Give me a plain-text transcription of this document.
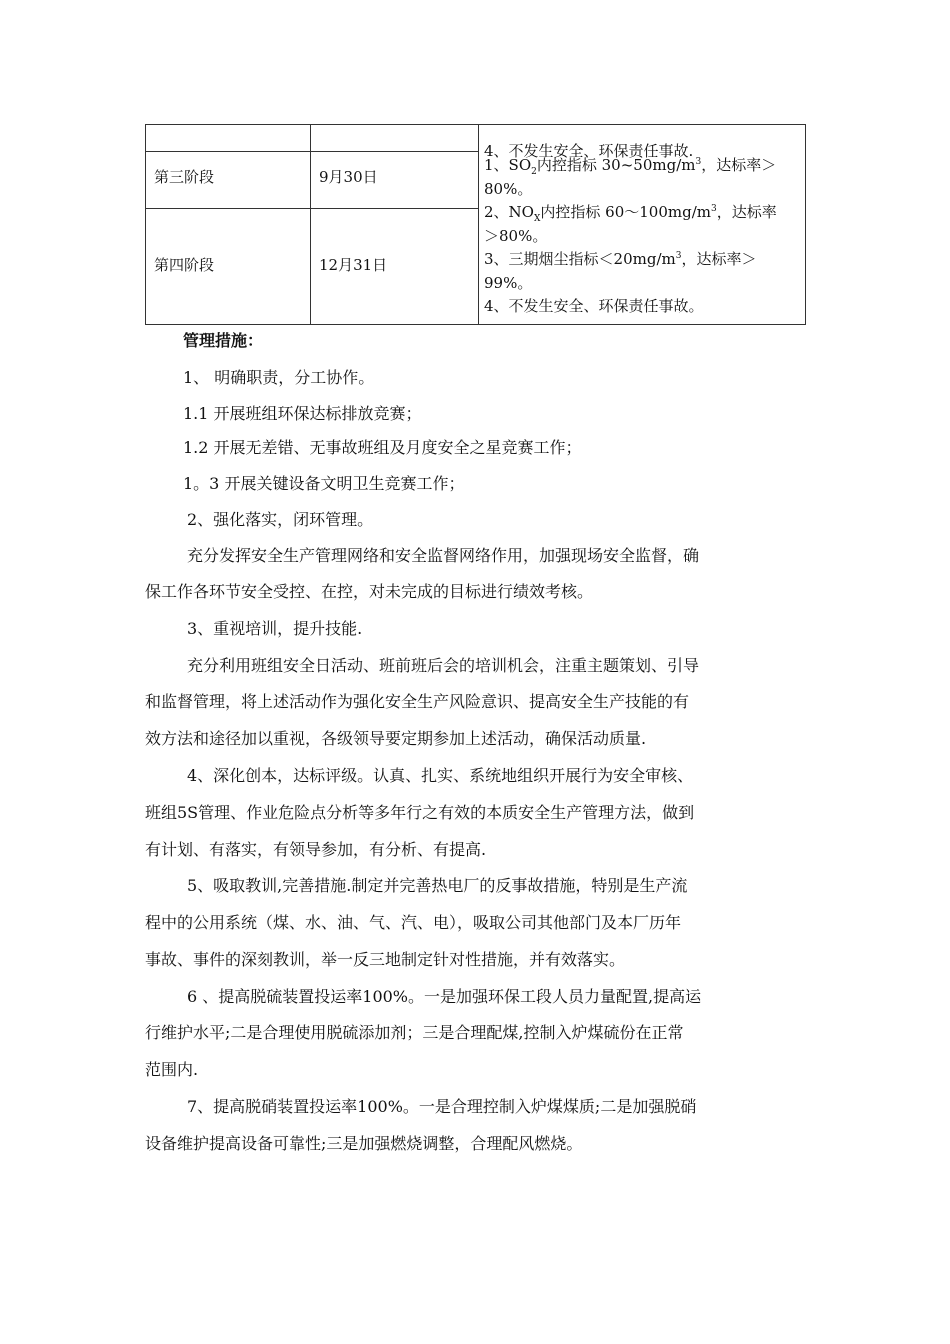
4、不发生安全、环保责任事故.
第三阶段	9月30日
第四阶段	12月31日
1、$SO_2$内控指标 $30\sim 50mg/m^3$，达标率＞
80%。
2、$NO_X$内控指标 $60\sim 100mg/m^3$，达标率
＞80%。
3、三期烟尘指标$<20mg/m^3$，达标率＞
99%。
4、不发生安全、环保责任事故。
管理措施：
1、 明确职责，分工协作。
1.1 开展班组环保达标排放竞赛；
1.2 开展无差错、无事故班组及月度安全之星竞赛工作；
1。3 开展关键设备文明卫生竞赛工作；
2、强化落实，闭环管理。
充分发挥安全生产管理网络和安全监督网络作用，加强现场安全监督，确
保工作各环节安全受控、在控，对未完成的目标进行绩效考核。
3、重视培训，提升技能.
充分利用班组安全日活动、班前班后会的培训机会，注重主题策划、引导
和监督管理，将上述活动作为强化安全生产风险意识、提高安全生产技能的有
效方法和途径加以重视，各级领导要定期参加上述活动，确保活动质量.
4、深化创本，达标评级。认真、扎实、系统地组织开展行为安全审核、
班组5S管理、作业危险点分析等多年行之有效的本质安全生产管理方法，做到
有计划、有落实，有领导参加，有分析、有提高.
5、吸取教训,完善措施.制定并完善热电厂的反事故措施，特别是生产流
程中的公用系统（煤、水、油、气、汽、电），吸取公司其他部门及本厂历年
事故、事件的深刻教训，举一反三地制定针对性措施，并有效落实。
6 、提高脱硫装置投运率100%。一是加强环保工段人员力量配置,提高运
行维护水平;二是合理使用脱硫添加剂；三是合理配煤,控制入炉煤硫份在正常
范围内.
7、提高脱硝装置投运率100%。一是合理控制入炉煤煤质;二是加强脱硝
设备维护提高设备可靠性;三是加强燃烧调整，合理配风燃烧。
